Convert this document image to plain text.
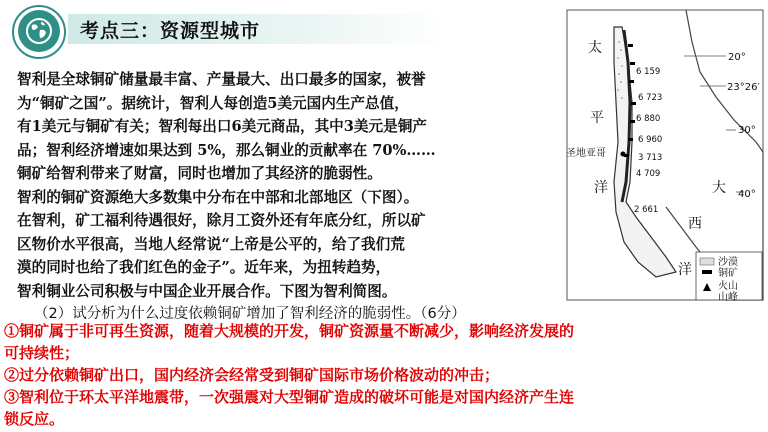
考点三：资源型城市

智利是全球铜矿储量最丰富、产量最大、出口最多的国家，被誉

为“铜矿之国”。据统计，智利人每创造5美元国内生产总值，

有1美元与铜矿有关；智利每出口6美元商品，其中3美元是铜产

品；智利经济增速如果达到 5%，那么铜业的贡献率在 70%……

铜矿给智利带来了财富，同时也增加了其经济的脆弱性。

智利的铜矿资源绝大多数集中分布在中部和北部地区（下图）。

在智利，矿工福利待遇很好，除月工资外还有年底分红，所以矿

区物价水平很高，当地人经常说“上帝是公平的，给了我们荒

漠的同时也给了我们红色的金子”。近年来，为扭转趋势，

智利铜业公司积极与中国企业开展合作。下图为智利简图。

（2）试分析为什么过度依赖铜矿增加了智利经济的脆弱性。（6分）

①铜矿属于非可再生资源，随着大规模的开发，铜矿资源量不断减少，影响经济发展的

可持续性；

②过分依赖铜矿出口，国内经济会经常受到铜矿国际市场价格波动的冲击；

③智利位于环太平洋地震带，一次强震对大型铜矿造成的破坏可能是对国内经济产生连

锁反应。

20°
23°26′
30°
40°
6 159
6 723
6 880
6 960
3 713
4 709
2 661
圣地亚哥
太
平
洋	大
西
洋	沙漠
铜矿
火山
山峰
